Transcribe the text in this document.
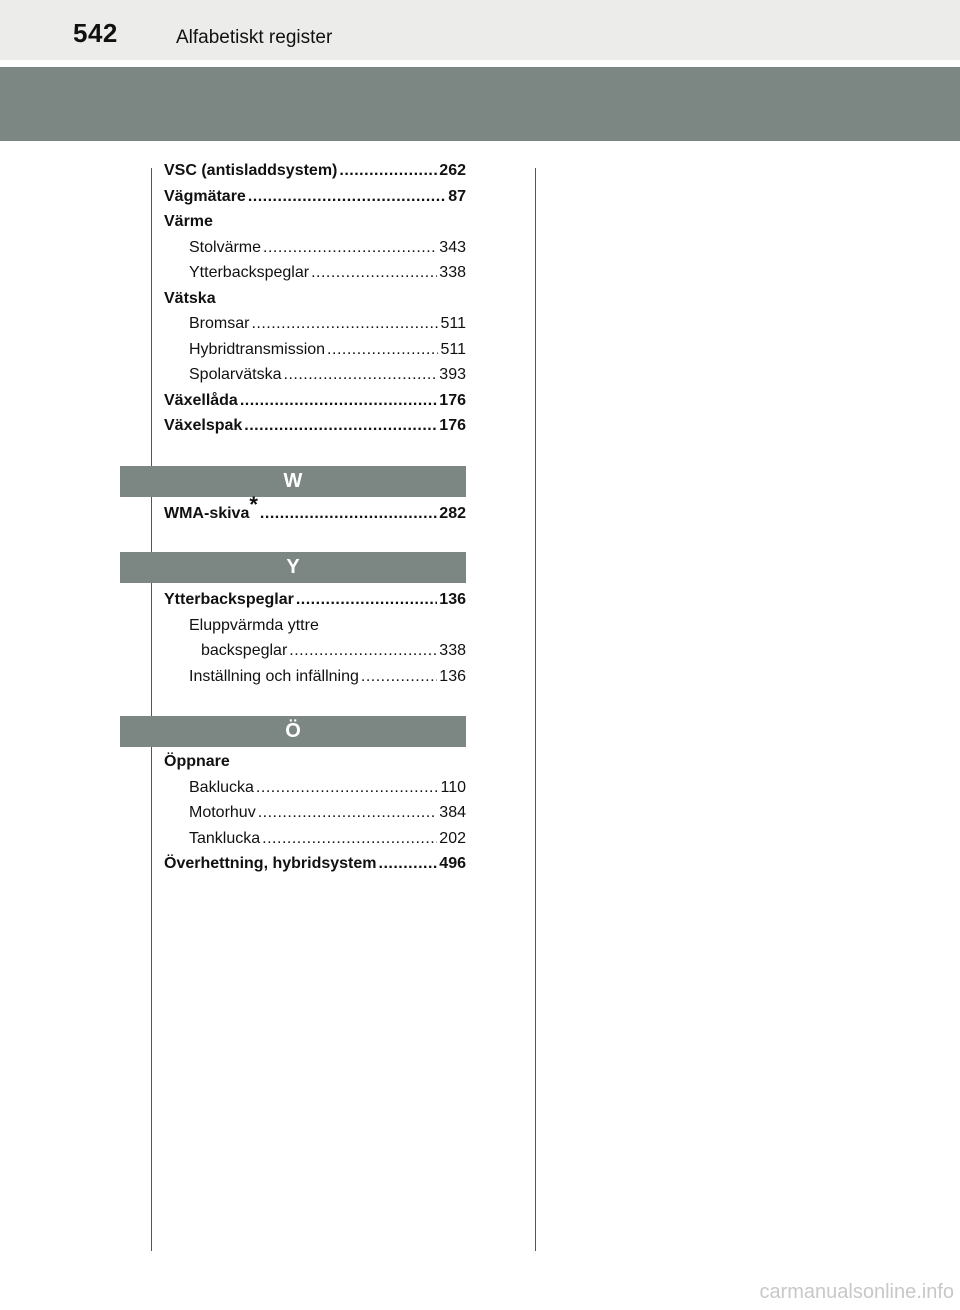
542	Alfabetiskt register
VSC (antisladdsystem) .....	262
Vägmätare .....	87
Värme
Stolvärme .....	343
Ytterbackspeglar .....	338
Vätska
Bromsar .....	511
Hybridtransmission .....	511
Spolarvätska .....	393
Växellåda .....	176
Växelspak .....	176
W
WMA-skiva* .....	282
Y
Ytterbackspeglar .....	136
Eluppvärmda yttre
backspeglar .....	338
Inställning och infällning .....	136
Ö
Öppnare
Baklucka .....	110
Motorhuv .....	384
Tanklucka .....	202
Överhettning, hybridsystem .....	496
carmanualsonline.info
